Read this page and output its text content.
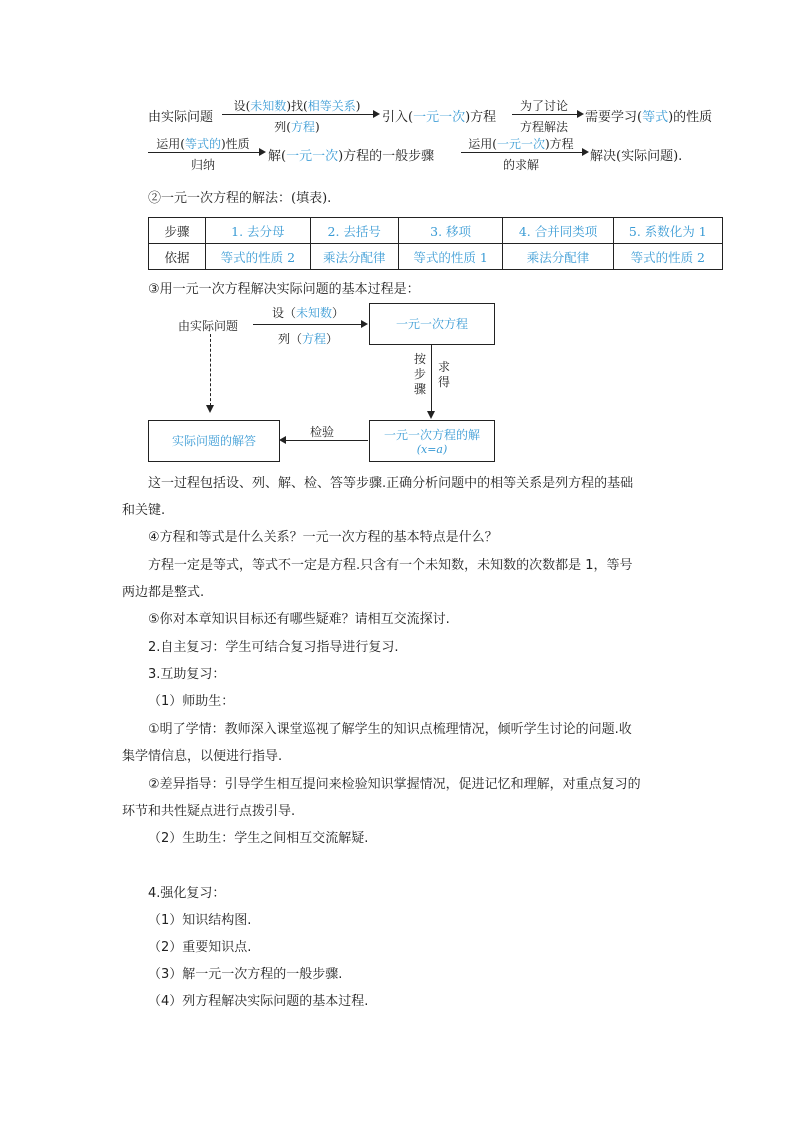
由实际问题
设(未知数)找(相等关系)
列(方程)
引入(一元一次)方程
为了讨论
方程解法
需要学习(等式)的性质
运用(等式的)性质
归纳
解(一元一次)方程的一般步骤
运用(一元一次)方程
的求解
解决(实际问题).
②一元一次方程的解法：(填表).
步骤	1. 去分母	2. 去括号	3. 移项	4. 合并同类项	5. 系数化为 1
依据	等式的性质 2	乘法分配律	等式的性质 1	乘法分配律	等式的性质 2
③用一元一次方程解决实际问题的基本过程是：
由实际问题
设（未知数）
列（方程）
一元一次方程
按步骤
求得
一元一次方程的解
(x=a)
检验
实际问题的解答
这一过程包括设、列、解、检、答等步骤.正确分析问题中的相等关系是列方程的基础
和关键.
④方程和等式是什么关系？一元一次方程的基本特点是什么？
方程一定是等式，等式不一定是方程.只含有一个未知数，未知数的次数都是 1，等号
两边都是整式.
⑤你对本章知识目标还有哪些疑难？请相互交流探讨.
2.自主复习：学生可结合复习指导进行复习.
3.互助复习：
（1）师助生：
①明了学情：教师深入课堂巡视了解学生的知识点梳理情况，倾听学生讨论的问题.收
集学情信息，以便进行指导.
②差异指导：引导学生相互提问来检验知识掌握情况，促进记忆和理解，对重点复习的
环节和共性疑点进行点拨引导.
（2）生助生：学生之间相互交流解疑.
4.强化复习：
（1）知识结构图.
（2）重要知识点.
（3）解一元一次方程的一般步骤.
（4）列方程解决实际问题的基本过程.
